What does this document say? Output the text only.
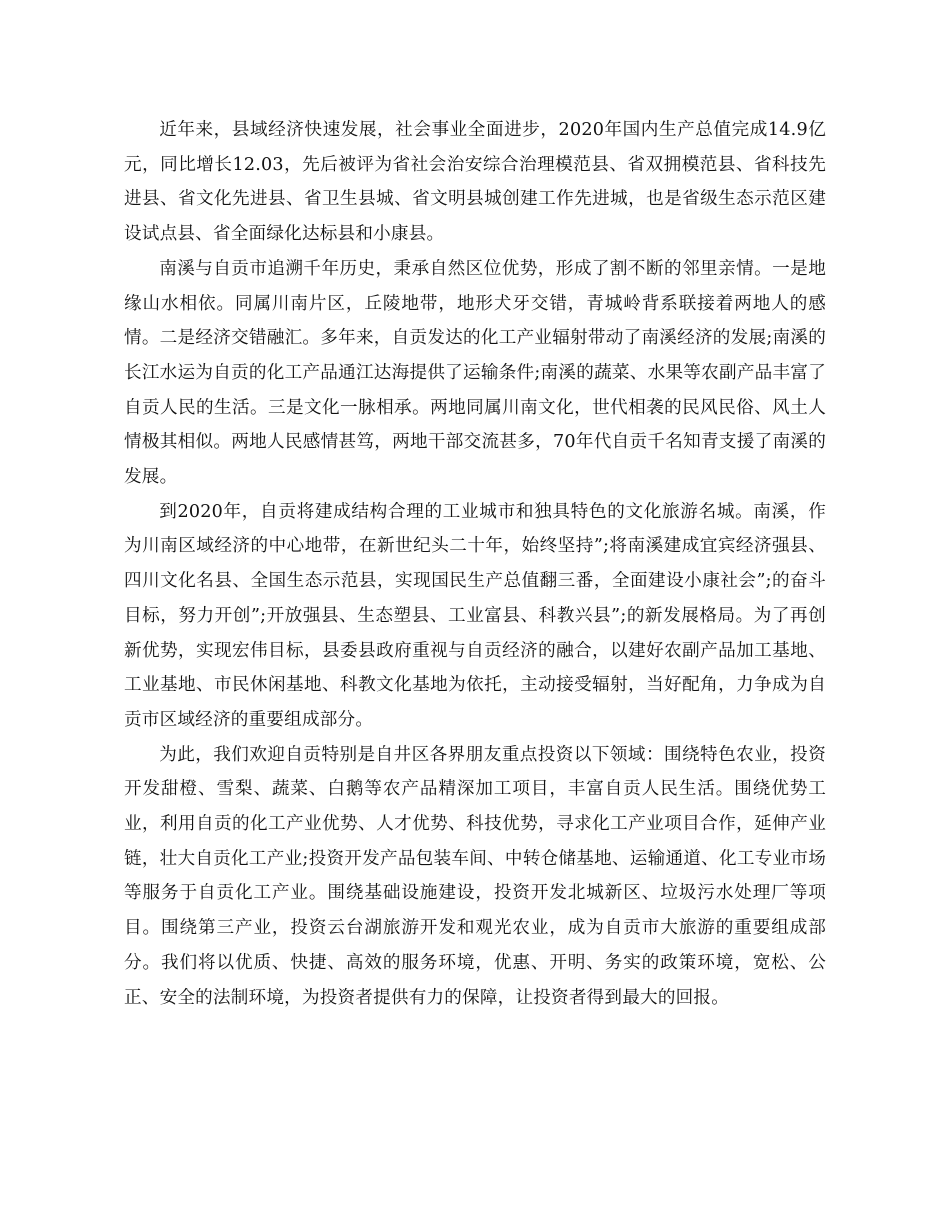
近年来，县域经济快速发展，社会事业全面进步，2020年国内生产总值完成14.9亿元，同比增长12.03，先后被评为省社会治安综合治理模范县、省双拥模范县、省科技先进县、省文化先进县、省卫生县城、省文明县城创建工作先进城，也是省级生态示范区建设试点县、省全面绿化达标县和小康县。

南溪与自贡市追溯千年历史，秉承自然区位优势，形成了割不断的邻里亲情。一是地缘山水相依。同属川南片区，丘陵地带，地形犬牙交错，青城岭背系联接着两地人的感情。二是经济交错融汇。多年来，自贡发达的化工产业辐射带动了南溪经济的发展;南溪的长江水运为自贡的化工产品通江达海提供了运输条件;南溪的蔬菜、水果等农副产品丰富了自贡人民的生活。三是文化一脉相承。两地同属川南文化，世代相袭的民风民俗、风土人情极其相似。两地人民感情甚笃，两地干部交流甚多，70年代自贡千名知青支援了南溪的发展。

到2020年，自贡将建成结构合理的工业城市和独具特色的文化旅游名城。南溪，作为川南区域经济的中心地带，在新世纪头二十年，始终坚持”;将南溪建成宜宾经济强县、四川文化名县、全国生态示范县，实现国民生产总值翻三番，全面建设小康社会”;的奋斗目标，努力开创”;开放强县、生态塑县、工业富县、科教兴县”;的新发展格局。为了再创新优势，实现宏伟目标，县委县政府重视与自贡经济的融合，以建好农副产品加工基地、工业基地、市民休闲基地、科教文化基地为依托，主动接受辐射，当好配角，力争成为自贡市区域经济的重要组成部分。

为此，我们欢迎自贡特别是自井区各界朋友重点投资以下领域：围绕特色农业，投资开发甜橙、雪梨、蔬菜、白鹅等农产品精深加工项目，丰富自贡人民生活。围绕优势工业，利用自贡的化工产业优势、人才优势、科技优势，寻求化工产业项目合作，延伸产业链，壮大自贡化工产业;投资开发产品包装车间、中转仓储基地、运输通道、化工专业市场等服务于自贡化工产业。围绕基础设施建设，投资开发北城新区、垃圾污水处理厂等项目。围绕第三产业，投资云台湖旅游开发和观光农业，成为自贡市大旅游的重要组成部分。我们将以优质、快捷、高效的服务环境，优惠、开明、务实的政策环境，宽松、公正、安全的法制环境，为投资者提供有力的保障，让投资者得到最大的回报。
